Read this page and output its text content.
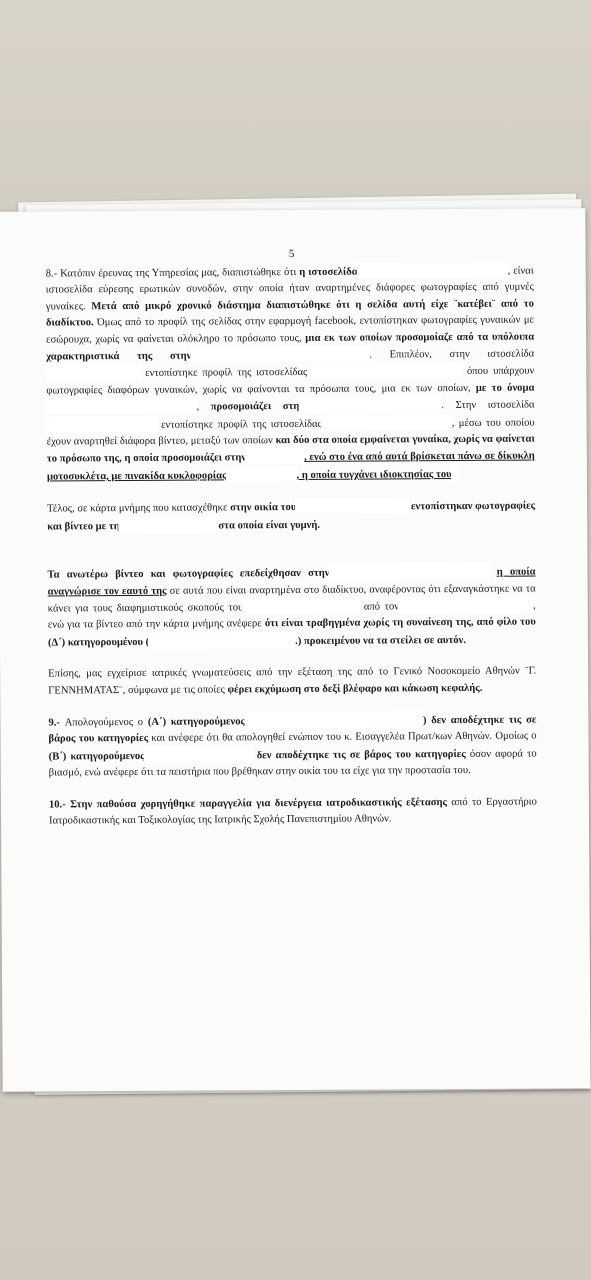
5

8.- Κατόπιν έρευνας της Υπηρεσίας μας, διαπιστώθηκε ότι η ιστοσελίδα	, είναι ιστοσελίδα εύρεσης ερωτικών συνοδών, στην οποία ήταν αναρτημένες διάφορες φωτογραφίες από γυμνές γυναίκες. Μετά από μικρό χρονικό διάστημα διαπιστώθηκε ότι η σελίδα αυτή είχε ¨κατέβει¨ από το διαδίκτυο. Όμως από το προφίλ της σελίδας στην εφαρμογή facebook, εντοπίστηκαν φωτογραφίες γυναικών με εσώρουχα, χωρίς να φαίνεται ολόκληρο το πρόσωπο τους, μια εκ των οποίων προσομοίαζε από τα υπόλοιπα χαρακτηριστικά της στην	. Επιπλέον, στην ιστοσελίδα εντοπίστηκε προφίλ της ιστοσελίδας	όπου υπάρχουν φωτογραφίες διαφόρων γυναικών, χωρίς να φαίνονται τα πρόσωπα τους, μια εκ των οποίων, με το όνομα, προσομοιάζει στη	. Στην ιστοσελίδα εντοπίστηκε προφίλ της ιστοσελίδας	, μέσω του οποίου έχουν αναρτηθεί διάφορα βίντεο, μεταξύ των οποίων και δύο στα οποία εμφαίνεται γυναίκα, χωρίς να φαίνεται το πρόσωπο της, η οποία προσομοιάζει στην	, ενώ στο ένα από αυτά βρίσκεται πάνω σε δίκυκλη μοτοσυκλέτα, με πινακίδα κυκλοφορίας	, η οποία τυγχάνει ιδιοκτησίας του

Τέλος, σε κάρτα μνήμης που κατασχέθηκε στην οικία του	εντοπίστηκαν φωτογραφίες και βίντεο με τη	στα οποία είναι γυμνή.

Τα ανωτέρω βίντεο και φωτογραφίες επεδείχθησαν στην	η οποία αναγνώρισε τον εαυτό της σε αυτά που είναι αναρτημένα στο διαδίκτυο, αναφέροντας ότι εξαναγκάστηκε να τα κάνει για τους διαφημιστικούς σκοπούς του	από τον	, ενώ για τα βίντεο από την κάρτα μνήμης ανέφερε ότι είναι τραβηγμένα χωρίς τη συναίνεση της, από φίλο του (Δ΄) κατηγορουμένου (	.) προκειμένου να τα στείλει σε αυτόν.

Επίσης, μας εγχείρισε ιατρικές γνωματεύσεις από την εξέταση της από το Γενικό Νοσοκομείο Αθηνών ¨Γ. ΓΕΝΝΗΜΑΤΑΣ¨, σύμφωνα με τις οποίες φέρει εκχύμωση στο δεξί βλέφαρο και κάκωση κεφαλής.

9.- Απολογούμενος ο (Α΄) κατηγορούμενος	) δεν αποδέχτηκε τις σε βάρος του κατηγορίες και ανέφερε ότι θα απολογηθεί ενώπιον του κ. Εισαγγελέα Πρωτ/κων Αθηνών. Ομοίως ο (Β΄) κατηγορούμενος	δεν αποδέχτηκε τις σε βάρος του κατηγορίες όσον αφορά το βιασμό, ενώ ανέφερε ότι τα πειστήρια που βρέθηκαν στην οικία του τα είχε για την προστασία του.

10.- Στην παθούσα χορηγήθηκε παραγγελία για διενέργεια ιατροδικαστικής εξέτασης από το Εργαστήριο Ιατροδικαστικής και Τοξικολογίας της Ιατρικής Σχολής Πανεπιστημίου Αθηνών.
